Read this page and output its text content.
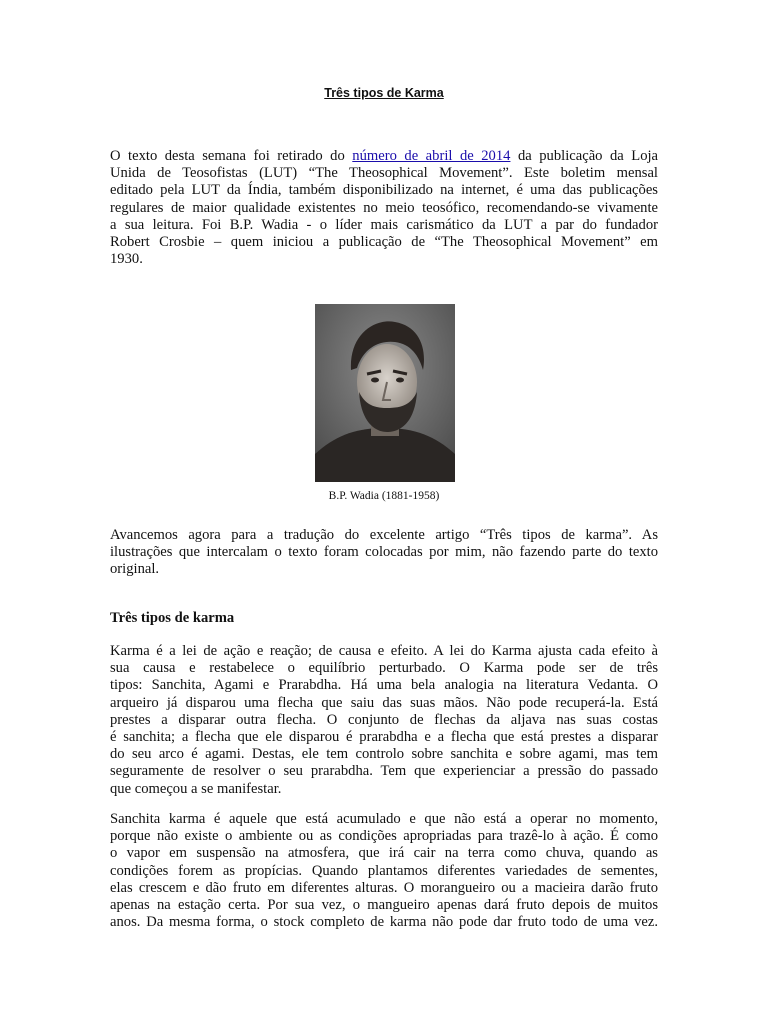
Três tipos de Karma
O texto desta semana foi retirado do número de abril de 2014 da publicação da Loja
Unida de Teosofistas (LUT) “The Theosophical Movement”. Este boletim mensal
editado pela LUT da Índia, também disponibilizado na internet, é uma das publicações
regulares de maior qualidade existentes no meio teosófico, recomendando-se vivamente
a sua leitura. Foi B.P. Wadia - o líder mais carismático da LUT a par do fundador
Robert Crosbie – quem iniciou a publicação de “The Theosophical Movement” em
1930.
B.P. Wadia (1881-1958)
Avancemos agora para a tradução do excelente artigo “Três tipos de karma”. As
ilustrações que intercalam o texto foram colocadas por mim, não fazendo parte do texto
original.
Três tipos de karma
Karma é a lei de ação e reação; de causa e efeito. A lei do Karma ajusta cada efeito à
sua causa e restabelece o equilíbrio perturbado. O Karma pode ser de três
tipos: Sanchita, Agami e Prarabdha. Há uma bela analogia na literatura Vedanta. O
arqueiro já disparou uma flecha que saiu das suas mãos. Não pode recuperá-la. Está
prestes a disparar outra flecha. O conjunto de flechas da aljava nas suas costas
é sanchita; a flecha que ele disparou é prarabdha e a flecha que está prestes a disparar
do seu arco é agami. Destas, ele tem controlo sobre sanchita e sobre agami, mas tem
seguramente de resolver o seu prarabdha. Tem que experienciar a pressão do passado
que começou a se manifestar.
Sanchita karma é aquele que está acumulado e que não está a operar no momento,
porque não existe o ambiente ou as condições apropriadas para trazê-lo à ação. É como
o vapor em suspensão na atmosfera, que irá cair na terra como chuva, quando as
condições forem as propícias. Quando plantamos diferentes variedades de sementes,
elas crescem e dão fruto em diferentes alturas. O morangueiro ou a macieira darão fruto
apenas na estação certa. Por sua vez, o mangueiro apenas dará fruto depois de muitos
anos. Da mesma forma, o stock completo de karma não pode dar fruto todo de uma vez.
